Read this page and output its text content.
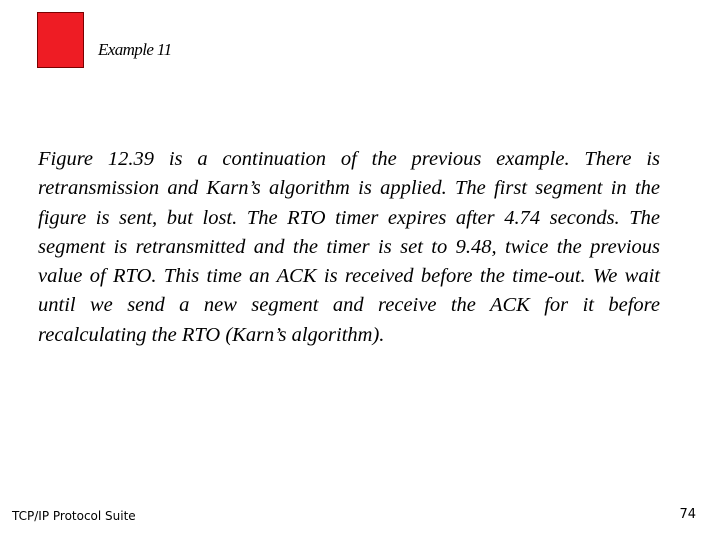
Example 11

Figure 12.39 is a continuation of the previous example. There is retransmission and Karn’s algorithm is applied. The first segment in the figure is sent, but lost. The RTO timer expires after 4.74 seconds. The segment is retransmitted and the timer is set to 9.48, twice the previous value of RTO. This time an ACK is received before the time-out. We wait until we send a new segment and receive the ACK for it before recalculating the RTO (Karn’s algorithm).

TCP/IP Protocol Suite	74
